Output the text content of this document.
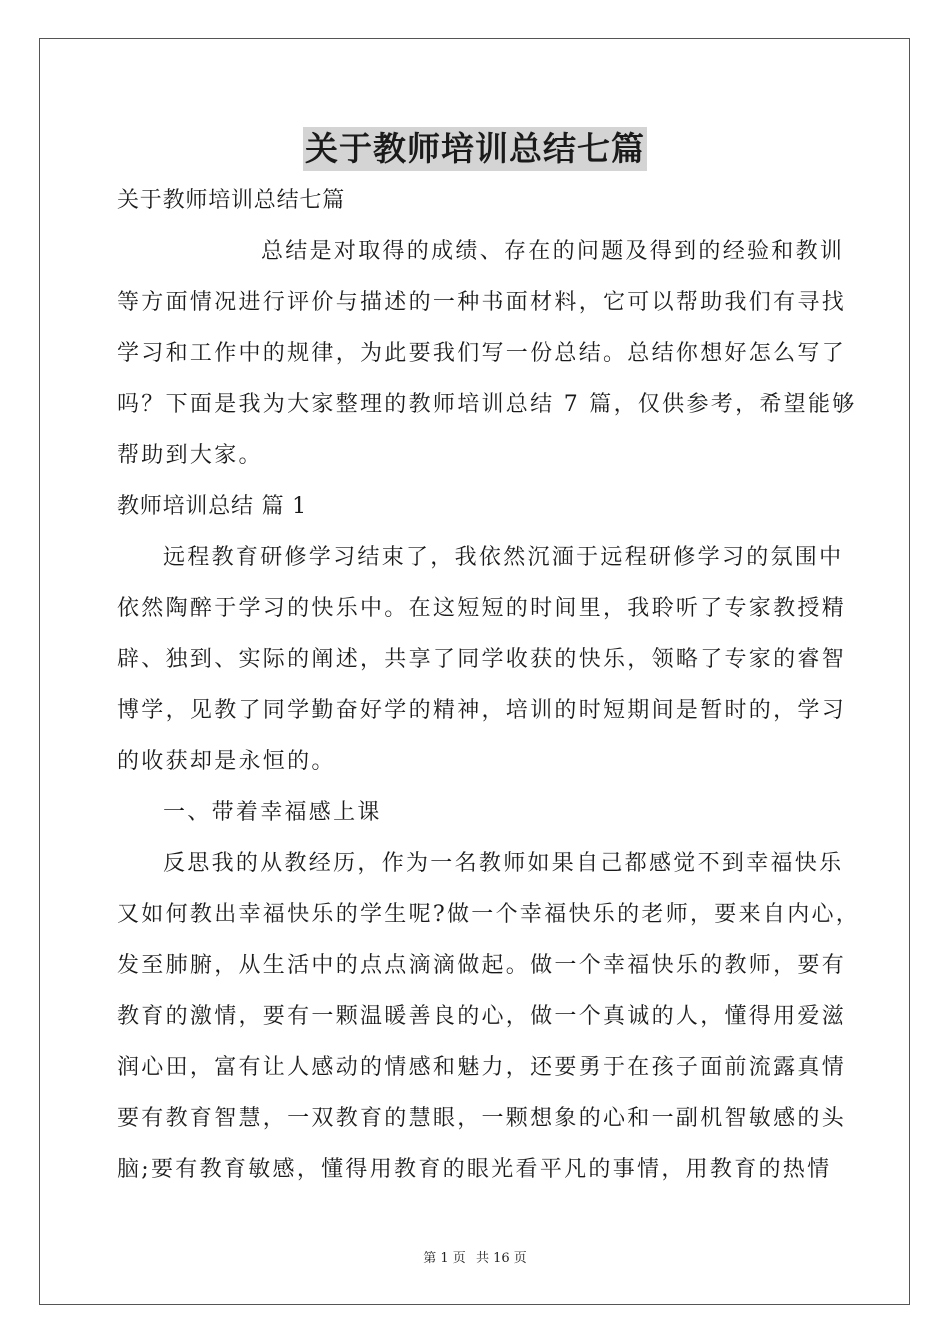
关于教师培训总结七篇
关于教师培训总结七篇
总结是对取得的成绩、存在的问题及得到的经验和教训
等方面情况进行评价与描述的一种书面材料，它可以帮助我们有寻找
学习和工作中的规律，为此要我们写一份总结。总结你想好怎么写了
吗？下面是我为大家整理的教师培训总结 7 篇，仅供参考，希望能够
帮助到大家。
教师培训总结 篇 1
远程教育研修学习结束了，我依然沉湎于远程研修学习的氛围中
依然陶醉于学习的快乐中。在这短短的时间里，我聆听了专家教授精
辟、独到、实际的阐述，共享了同学收获的快乐，领略了专家的睿智
博学，见教了同学勤奋好学的精神，培训的时短期间是暂时的，学习
的收获却是永恒的。
一、带着幸福感上课
反思我的从教经历，作为一名教师如果自己都感觉不到幸福快乐
又如何教出幸福快乐的学生呢?做一个幸福快乐的老师，要来自内心，
发至肺腑，从生活中的点点滴滴做起。做一个幸福快乐的教师，要有
教育的激情，要有一颗温暖善良的心，做一个真诚的人，懂得用爱滋
润心田，富有让人感动的情感和魅力，还要勇于在孩子面前流露真情
要有教育智慧，一双教育的慧眼，一颗想象的心和一副机智敏感的头
脑;要有教育敏感，懂得用教育的眼光看平凡的事情，用教育的热情
第 1 页 共 16 页
